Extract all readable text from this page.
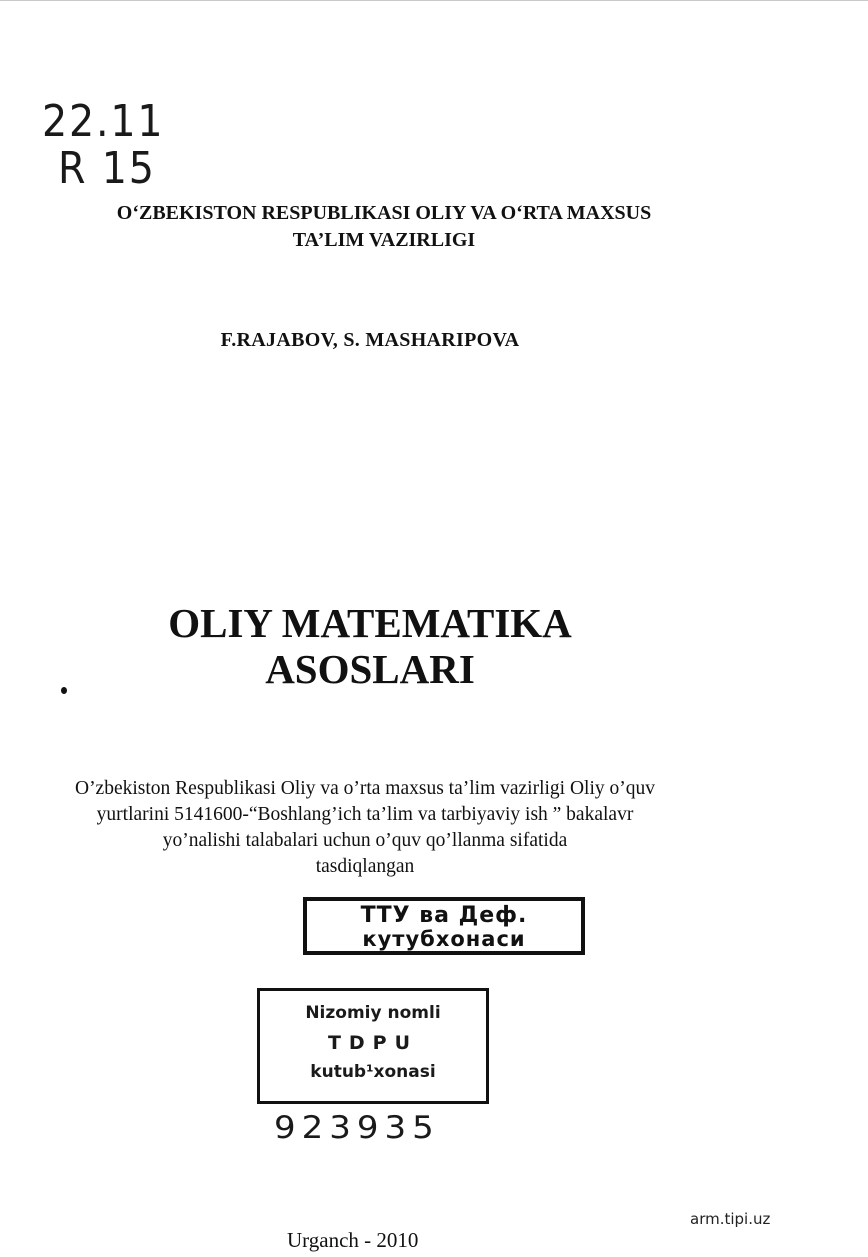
22.11
R 15
O‘ZBEKISTON RESPUBLIKASI OLIY VA O‘RTA MAXSUS
TA’LIM VAZIRLIGI
F.RAJABOV, S. MASHARIPOVA
OLIY MATEMATIKA
ASOSLARI
O’zbekiston Respublikasi Oliy va o’rta maxsus ta’lim vazirligi Oliy o’quv
yurtlarini 5141600-“Boshlang’ich ta’lim va tarbiyaviy ish ” bakalavr
yo’nalishi talabalari uchun o’quv qo’llanma sifatida
tasdiqlangan
ТТУ ва Деф.
кутубхонаси
Nizomiy nomli
TDPU
kutub¹xonasi
923935
arm.tipi.uz
Urganch - 2010
